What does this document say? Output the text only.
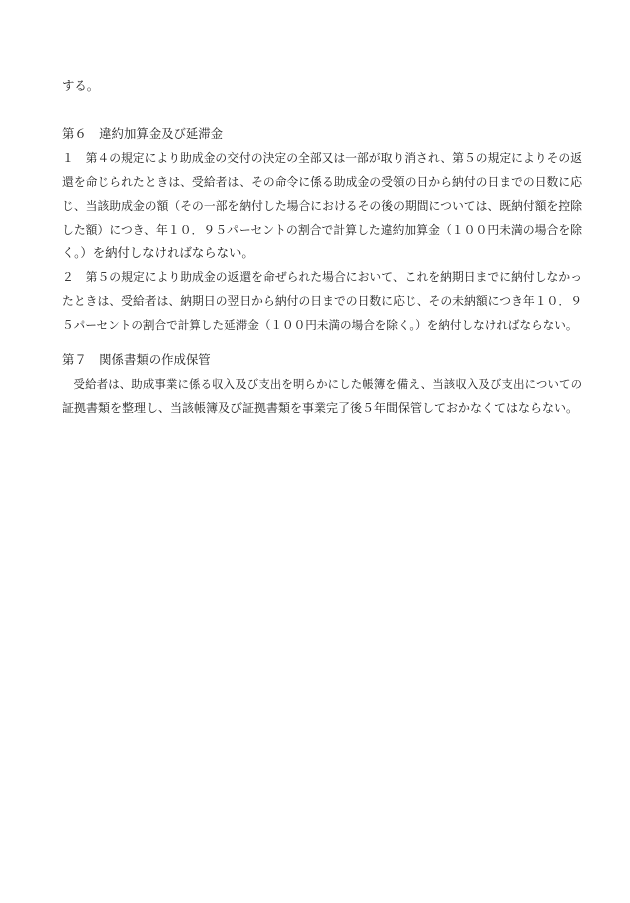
する。
第６　違約加算金及び延滞金
１　第４の規定により助成金の交付の決定の全部又は一部が取り消され、第５の規定によりその返
還を命じられたときは、受給者は、その命令に係る助成金の受領の日から納付の日までの日数に応
じ、当該助成金の額（その一部を納付した場合におけるその後の期間については、既納付額を控除
した額）につき、年１０．９５パーセントの割合で計算した違約加算金（１００円未満の場合を除
く。）を納付しなければならない。
２　第５の規定により助成金の返還を命ぜられた場合において、これを納期日までに納付しなかっ
たときは、受給者は、納期日の翌日から納付の日までの日数に応じ、その未納額につき年１０．９
５パーセントの割合で計算した延滞金（１００円未満の場合を除く。）を納付しなければならない。
第７　関係書類の作成保管
　受給者は、助成事業に係る収入及び支出を明らかにした帳簿を備え、当該収入及び支出についての
証拠書類を整理し、当該帳簿及び証拠書類を事業完了後５年間保管しておかなくてはならない。
